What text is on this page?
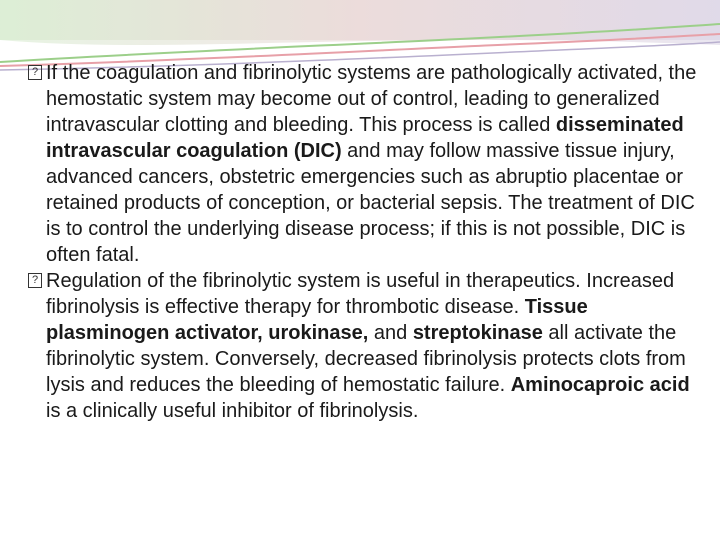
? If the coagulation and fibrinolytic systems are pathologically activated, the hemostatic system may become out of control, leading to generalized intravascular clotting and bleeding. This process is called disseminated intravascular coagulation (DIC) and may follow massive tissue injury, advanced cancers, obstetric emergencies such as abruptio placentae or retained products of conception, or bacterial sepsis. The treatment of DIC is to control the underlying disease process; if this is not possible, DIC is often fatal.

? Regulation of the fibrinolytic system is useful in therapeutics. Increased fibrinolysis is effective therapy for thrombotic disease. Tissue plasminogen activator, urokinase, and streptokinase all activate the fibrinolytic system. Conversely, decreased fibrinolysis protects clots from lysis and reduces the bleeding of hemostatic failure. Aminocaproic acid is a clinically useful inhibitor of fibrinolysis.
